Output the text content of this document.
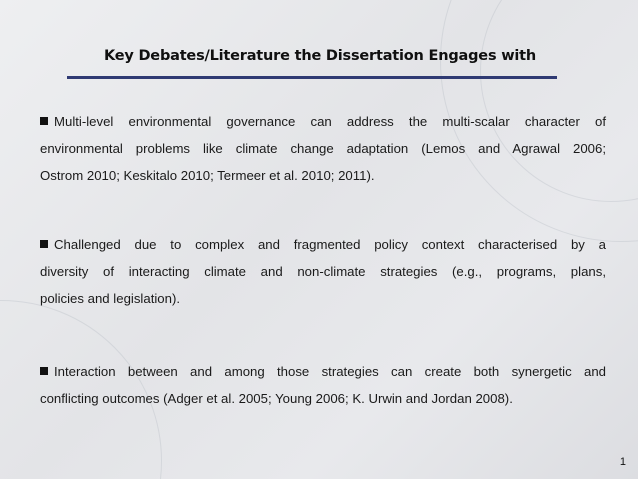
Key Debates/Literature the Dissertation Engages with
Multi-level environmental governance can address the multi-scalar character of
environmental problems like climate change adaptation (Lemos and Agrawal 2006;
Ostrom 2010; Keskitalo 2010; Termeer et al. 2010; 2011).
Challenged due to complex and fragmented policy context characterised by a
diversity of interacting climate and non-climate strategies (e.g., programs, plans,
policies and legislation).
Interaction between and among those strategies can create both synergetic and
conflicting outcomes (Adger et al. 2005; Young 2006; K. Urwin and Jordan 2008).
1
